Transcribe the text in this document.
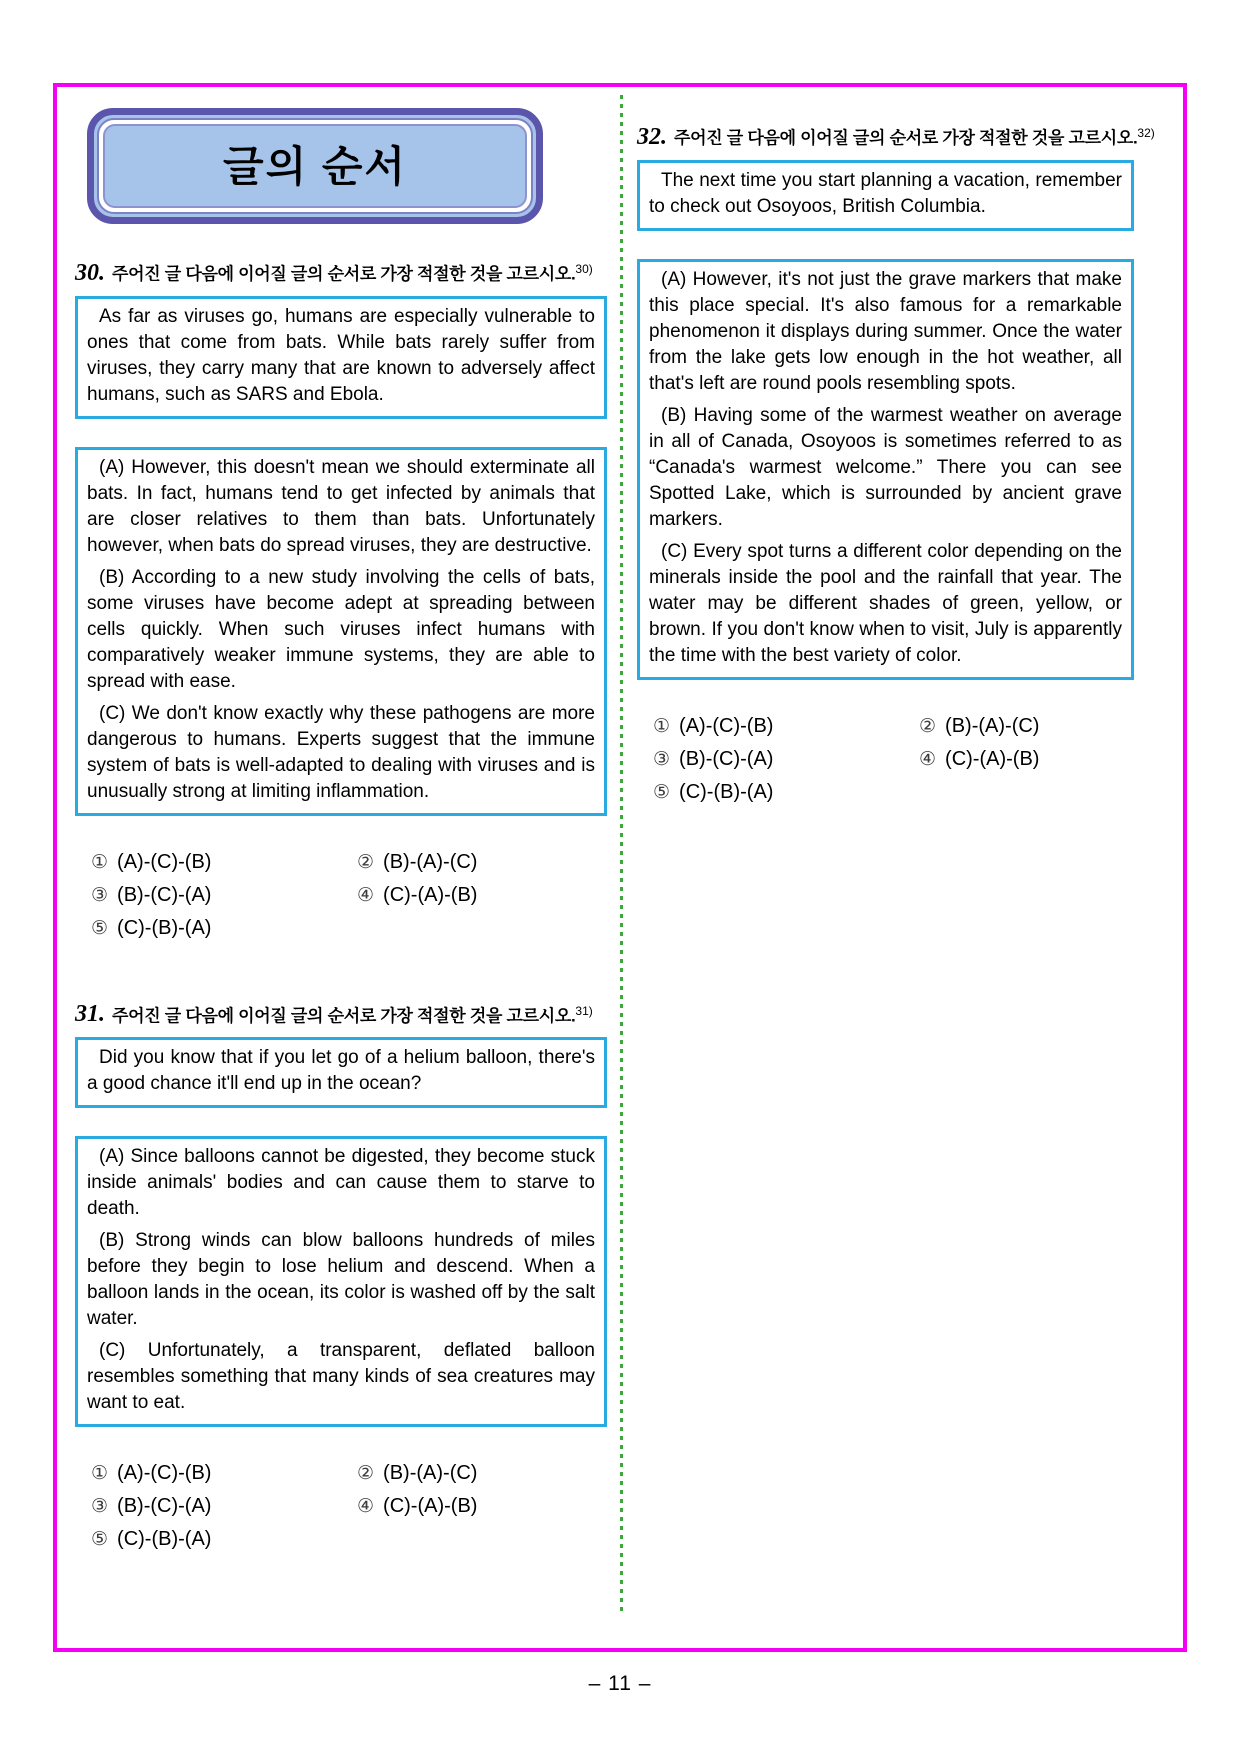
글의 순서
30. 주어진 글 다음에 이어질 글의 순서로 가장 적절한 것을 고르시오.$^{30)}$

As far as viruses go, humans are especially vulnerable to ones that come from bats. While bats rarely suffer from viruses, they carry many that are known to adversely affect humans, such as SARS and Ebola.

(A) However, this doesn't mean we should exterminate all bats. In fact, humans tend to get infected by animals that are closer relatives to them than bats. Unfortunately however, when bats do spread viruses, they are destructive.

(B) According to a new study involving the cells of bats, some viruses have become adept at spreading between cells quickly. When such viruses infect humans with comparatively weaker immune systems, they are able to spread with ease.

(C) We don't know exactly why these pathogens are more dangerous to humans. Experts suggest that the immune system of bats is well-adapted to dealing with viruses and is unusually strong at limiting inflammation.

① (A)-(C)-(B)	② (B)-(A)-(C)
③ (B)-(C)-(A)	④ (C)-(A)-(B)
⑤ (C)-(B)-(A)
31. 주어진 글 다음에 이어질 글의 순서로 가장 적절한 것을 고르시오.$^{31)}$

Did you know that if you let go of a helium balloon, there's a good chance it'll end up in the ocean?

(A) Since balloons cannot be digested, they become stuck inside animals' bodies and can cause them to starve to death.

(B) Strong winds can blow balloons hundreds of miles before they begin to lose helium and descend. When a balloon lands in the ocean, its color is washed off by the salt water.

(C) Unfortunately, a transparent, deflated balloon resembles something that many kinds of sea creatures may want to eat.

① (A)-(C)-(B)	② (B)-(A)-(C)
③ (B)-(C)-(A)	④ (C)-(A)-(B)
⑤ (C)-(B)-(A)
32. 주어진 글 다음에 이어질 글의 순서로 가장 적절한 것을 고르시오.$^{32)}$

The next time you start planning a vacation, remember to check out Osoyoos, British Columbia.

(A) However, it's not just the grave markers that make this place special. It's also famous for a remarkable phenomenon it displays during summer. Once the water from the lake gets low enough in the hot weather, all that's left are round pools resembling spots.

(B) Having some of the warmest weather on average in all of Canada, Osoyoos is sometimes referred to as “Canada's warmest welcome.” There you can see Spotted Lake, which is surrounded by ancient grave markers.

(C) Every spot turns a different color depending on the minerals inside the pool and the rainfall that year. The water may be different shades of green, yellow, or brown. If you don't know when to visit, July is apparently the time with the best variety of color.

① (A)-(C)-(B)	② (B)-(A)-(C)
③ (B)-(C)-(A)	④ (C)-(A)-(B)
⑤ (C)-(B)-(A)
– 11 –
